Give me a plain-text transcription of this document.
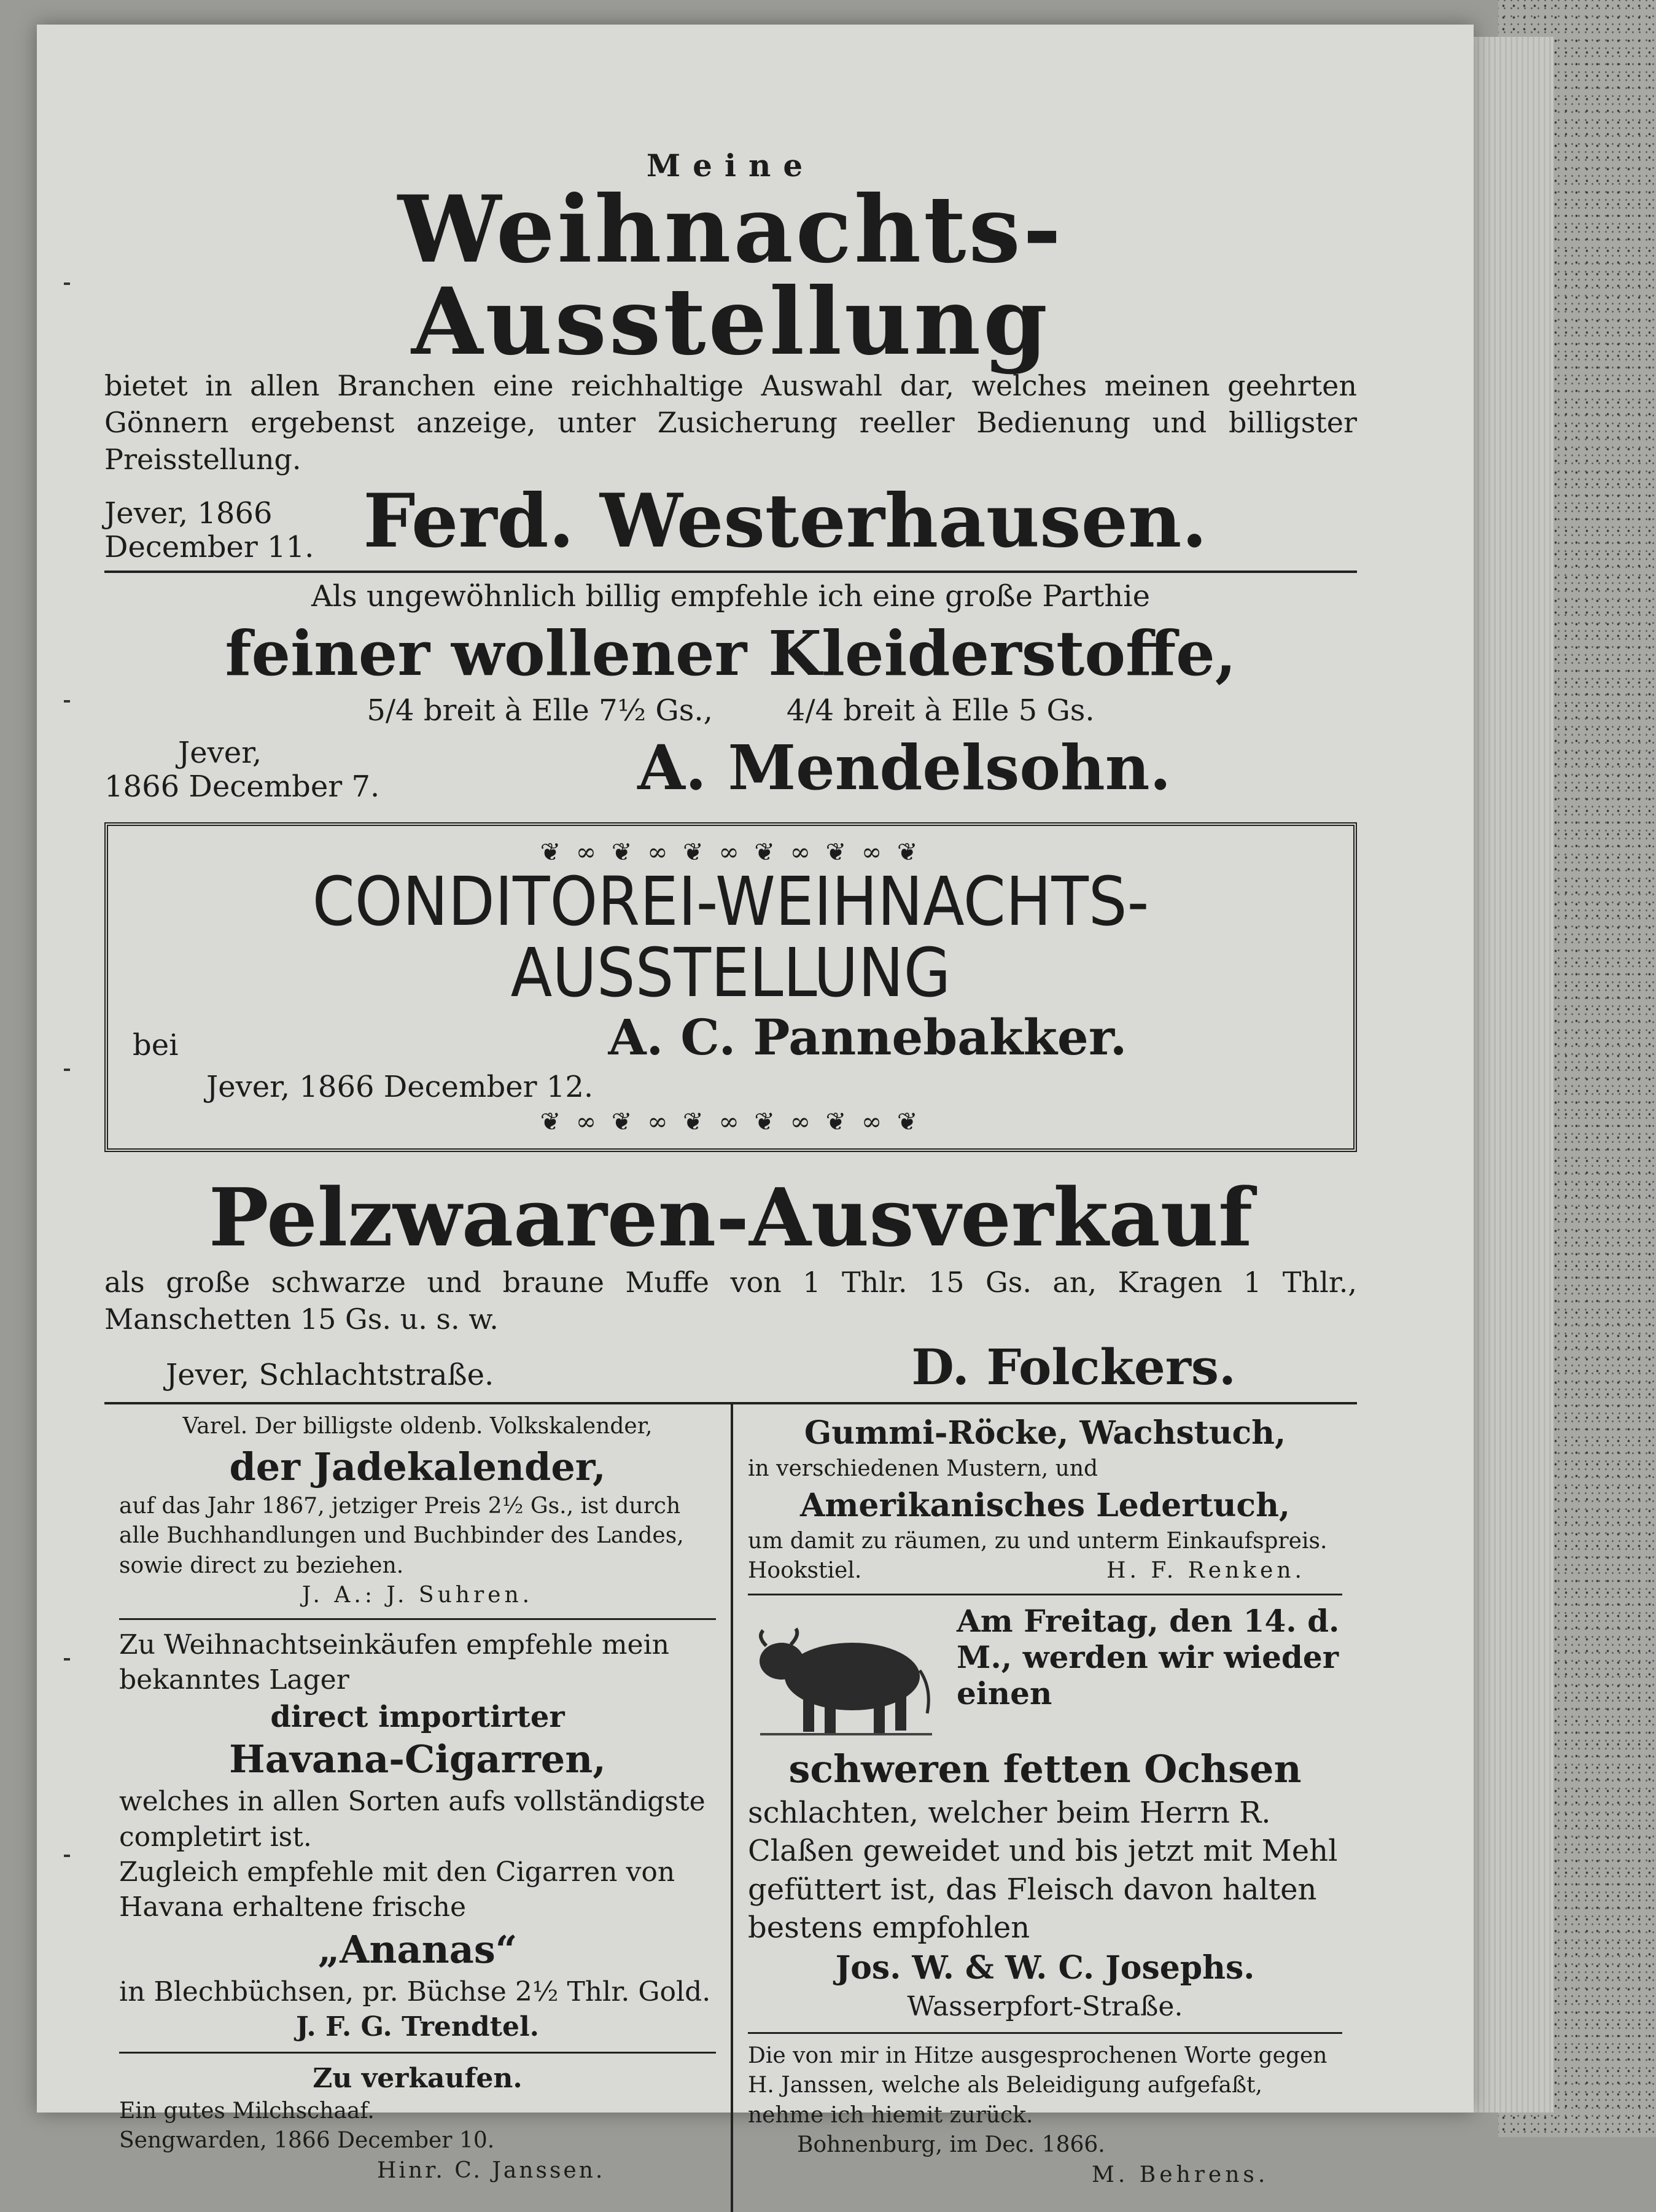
Meine

Weihnachts-Ausstellung

bietet in allen Branchen eine reichhaltige Auswahl dar, welches meinen geehrten Gönnern ergebenst anzeige, unter Zusicherung reeller Bedienung und billigster Preisstellung.

Jever, 1866
December 11. Ferd. Westerhausen.

Als ungewöhnlich billig empfehle ich eine große Parthie

feiner wollener Kleiderstoffe,

5/4 breit à Elle 7½ Gs.,	4/4 breit à Elle 5 Gs.
Jever,
1866 December 7.	A. Mendelsohn.
❦ ∞ ❦ ∞ ❦ ∞ ❦ ∞ ❦ ∞ ❦

CONDITOREI-WEIHNACHTS-

AUSSTELLUNG

bei	A. C. Pannebakker.

Jever, 1866 December 12.

❦ ∞ ❦ ∞ ❦ ∞ ❦ ∞ ❦ ∞ ❦

Pelzwaaren-Ausverkauf

als große schwarze und braune Muffe von 1 Thlr. 15 Gs. an, Kragen 1 Thlr., Manschetten 15 Gs. u. s. w.

Jever, Schlachtstraße.	D. Folckers.

Varel. Der billigste oldenb. Volkskalender,

der Jadekalender,

auf das Jahr 1867, jetziger Preis 2½ Gs., ist durch alle Buchhandlungen und Buchbinder des Landes, sowie direct zu beziehen.

J. A.: J. Suhren.

Zu Weihnachtseinkäufen empfehle mein bekanntes Lager

direct importirter

Havana-Cigarren,

welches in allen Sorten aufs vollständigste completirt ist.

Zugleich empfehle mit den Cigarren von Havana erhaltene frische

„Ananas“

in Blechbüchsen, pr. Büchse 2½ Thlr. Gold.

J. F. G. Trendtel.

Zu verkaufen.

Ein gutes Milchschaaf.

Sengwarden, 1866 December 10.

Hinr. C. Janssen.

Gummi-Röcke, Wachstuch,

in verschiedenen Mustern, und

Amerikanisches Ledertuch,

um damit zu räumen, zu und unterm Einkaufspreis.

Hookstiel.	H. F. Renken.

Am Freitag, den 14. d. M., werden wir wieder einen

schweren fetten Ochsen

schlachten, welcher beim Herrn R. Claßen geweidet und bis jetzt mit Mehl gefüttert ist, das Fleisch davon halten bestens empfohlen

Jos. W. & W. C. Josephs.

Wasserpfort-Straße.

Die von mir in Hitze ausgesprochenen Worte gegen H. Janssen, welche als Beleidigung aufgefaßt, nehme ich hiemit zurück.

Bohnenburg, im Dec. 1866.

M. Behrens.
